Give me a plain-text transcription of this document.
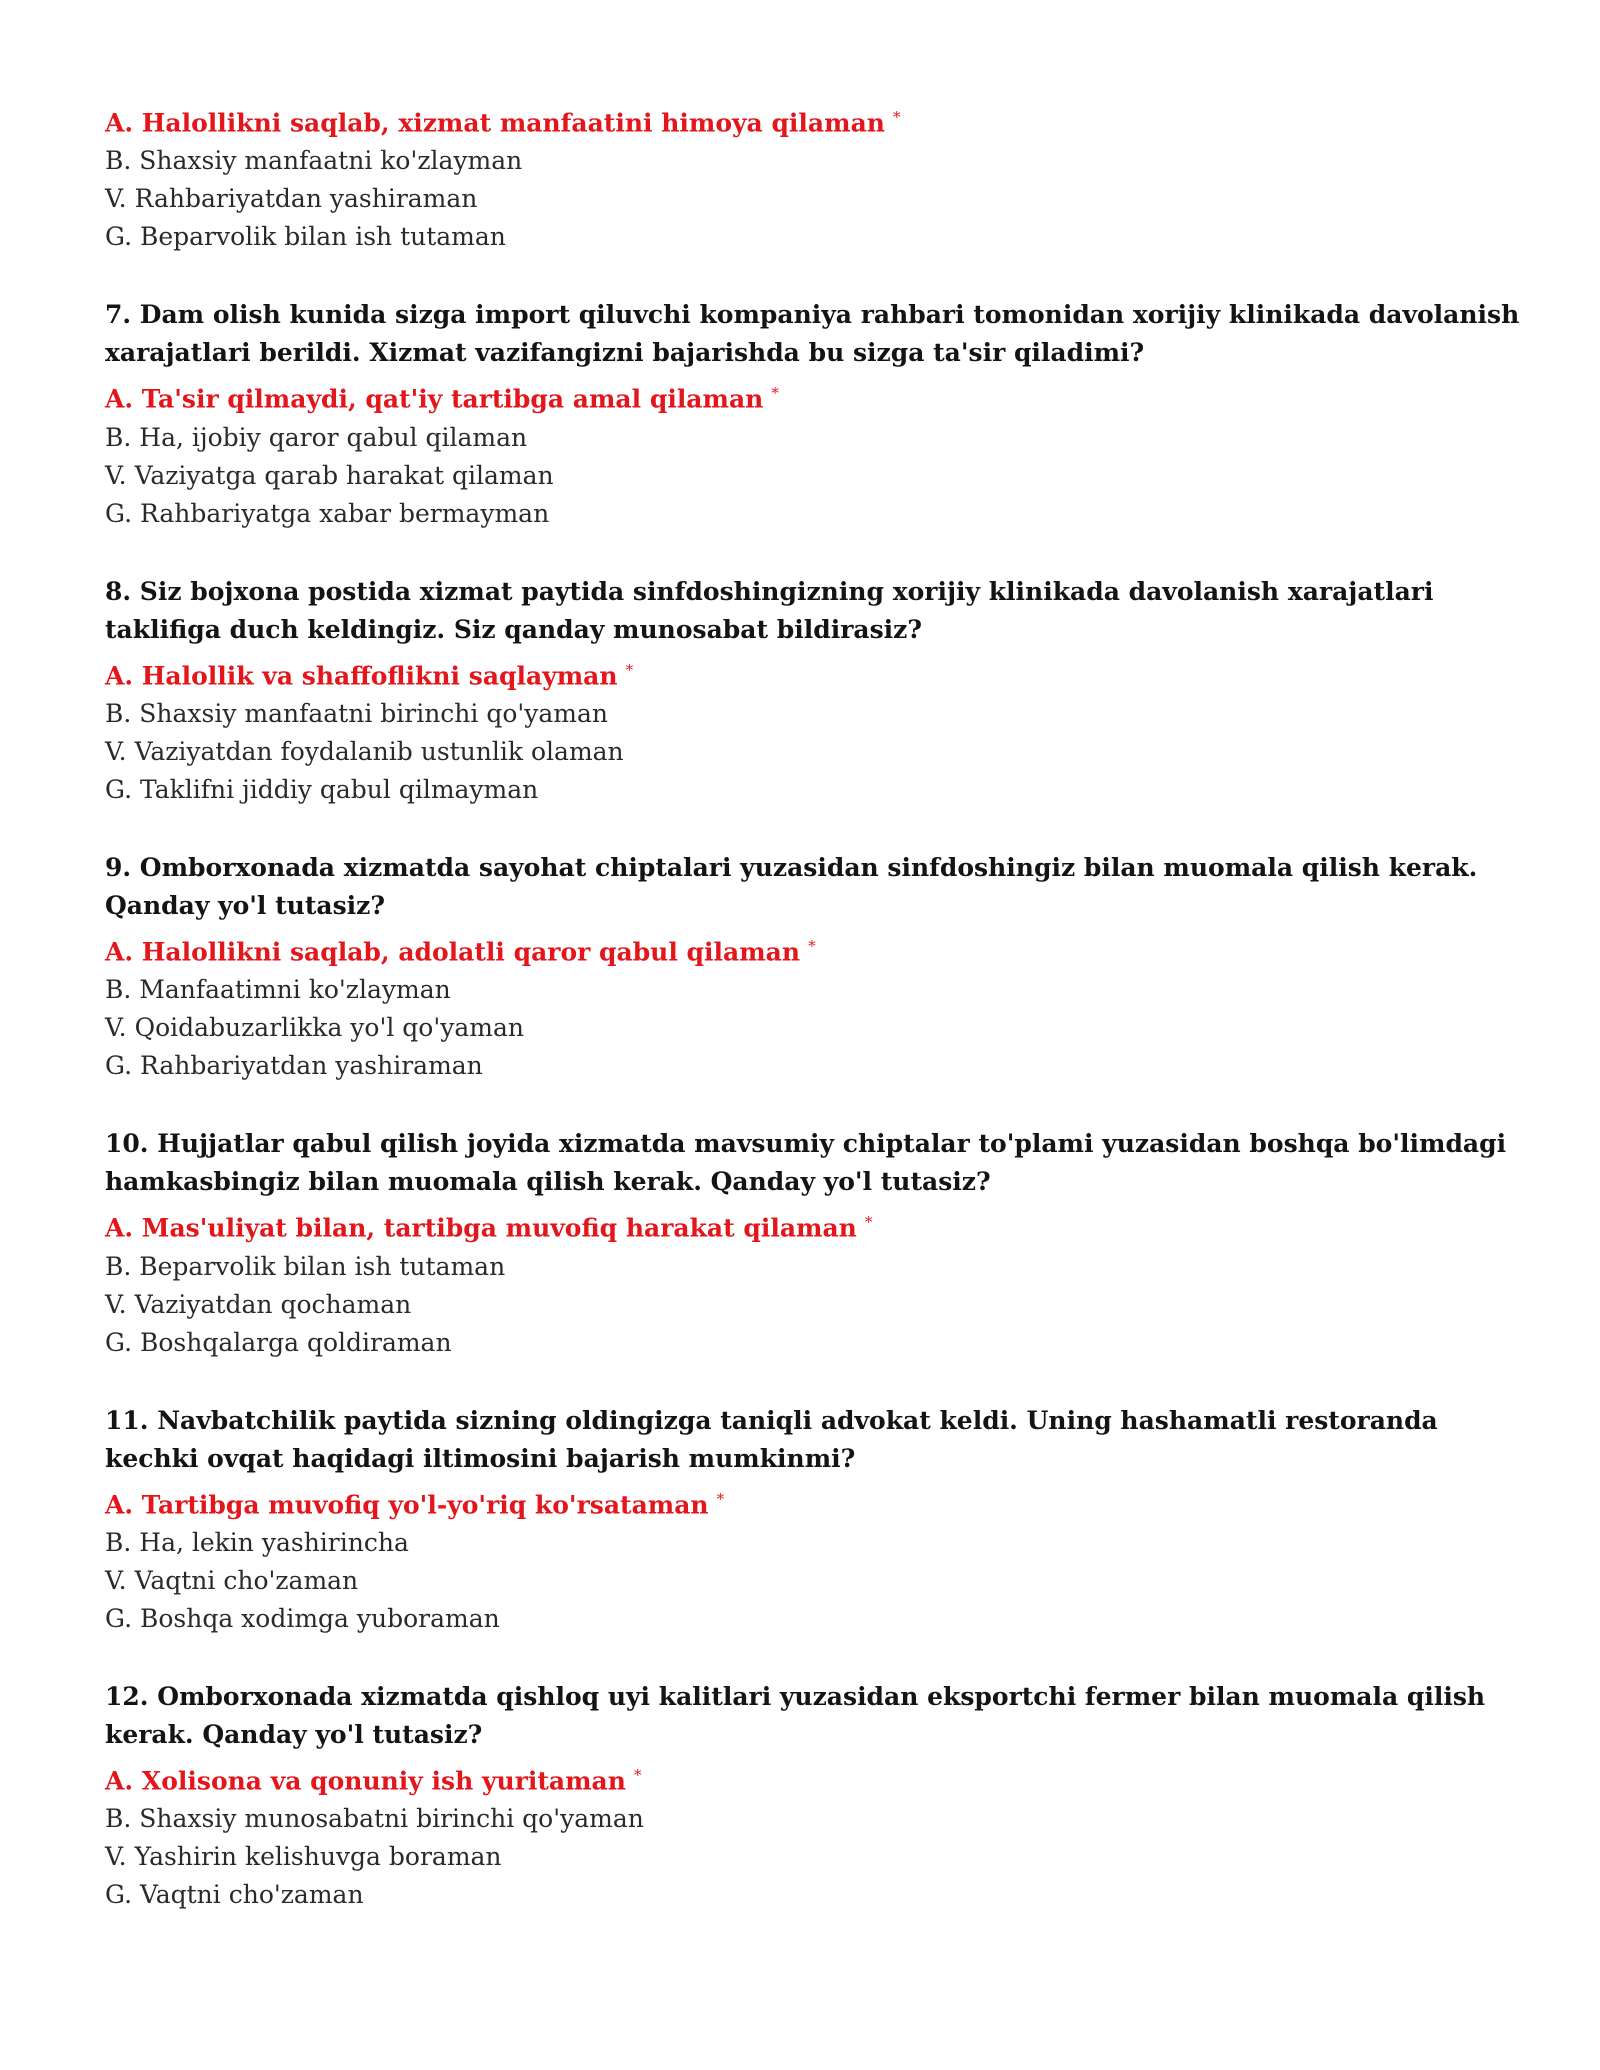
A. Halollikni saqlab, xizmat manfaatini himoya qilaman *
B. Shaxsiy manfaatni ko'zlayman
V. Rahbariyatdan yashiraman
G. Beparvolik bilan ish tutaman
7. Dam olish kunida sizga import qiluvchi kompaniya rahbari tomonidan xorijiy klinikada davolanish xarajatlari berildi. Xizmat vazifangizni bajarishda bu sizga ta'sir qiladimi?
A. Ta'sir qilmaydi, qat'iy tartibga amal qilaman *
B. Ha, ijobiy qaror qabul qilaman
V. Vaziyatga qarab harakat qilaman
G. Rahbariyatga xabar bermayman
8. Siz bojxona postida xizmat paytida sinfdoshingizning xorijiy klinikada davolanish xarajatlari taklifiga duch keldingiz. Siz qanday munosabat bildirasiz?
A. Halollik va shaffoflikni saqlayman *
B. Shaxsiy manfaatni birinchi qo'yaman
V. Vaziyatdan foydalanib ustunlik olaman
G. Taklifni jiddiy qabul qilmayman
9. Omborxonada xizmatda sayohat chiptalari yuzasidan sinfdoshingiz bilan muomala qilish kerak. Qanday yo'l tutasiz?
A. Halollikni saqlab, adolatli qaror qabul qilaman *
B. Manfaatimni ko'zlayman
V. Qoidabuzarlikka yo'l qo'yaman
G. Rahbariyatdan yashiraman
10. Hujjatlar qabul qilish joyida xizmatda mavsumiy chiptalar to'plami yuzasidan boshqa bo'limdagi hamkasbingiz bilan muomala qilish kerak. Qanday yo'l tutasiz?
A. Mas'uliyat bilan, tartibga muvofiq harakat qilaman *
B. Beparvolik bilan ish tutaman
V. Vaziyatdan qochaman
G. Boshqalarga qoldiraman
11. Navbatchilik paytida sizning oldingizga taniqli advokat keldi. Uning hashamatli restoranda kechki ovqat haqidagi iltimosini bajarish mumkinmi?
A. Tartibga muvofiq yo'l-yo'riq ko'rsataman *
B. Ha, lekin yashirincha
V. Vaqtni cho'zaman
G. Boshqa xodimga yuboraman
12. Omborxonada xizmatda qishloq uyi kalitlari yuzasidan eksportchi fermer bilan muomala qilish kerak. Qanday yo'l tutasiz?
A. Xolisona va qonuniy ish yuritaman *
B. Shaxsiy munosabatni birinchi qo'yaman
V. Yashirin kelishuvga boraman
G. Vaqtni cho'zaman
